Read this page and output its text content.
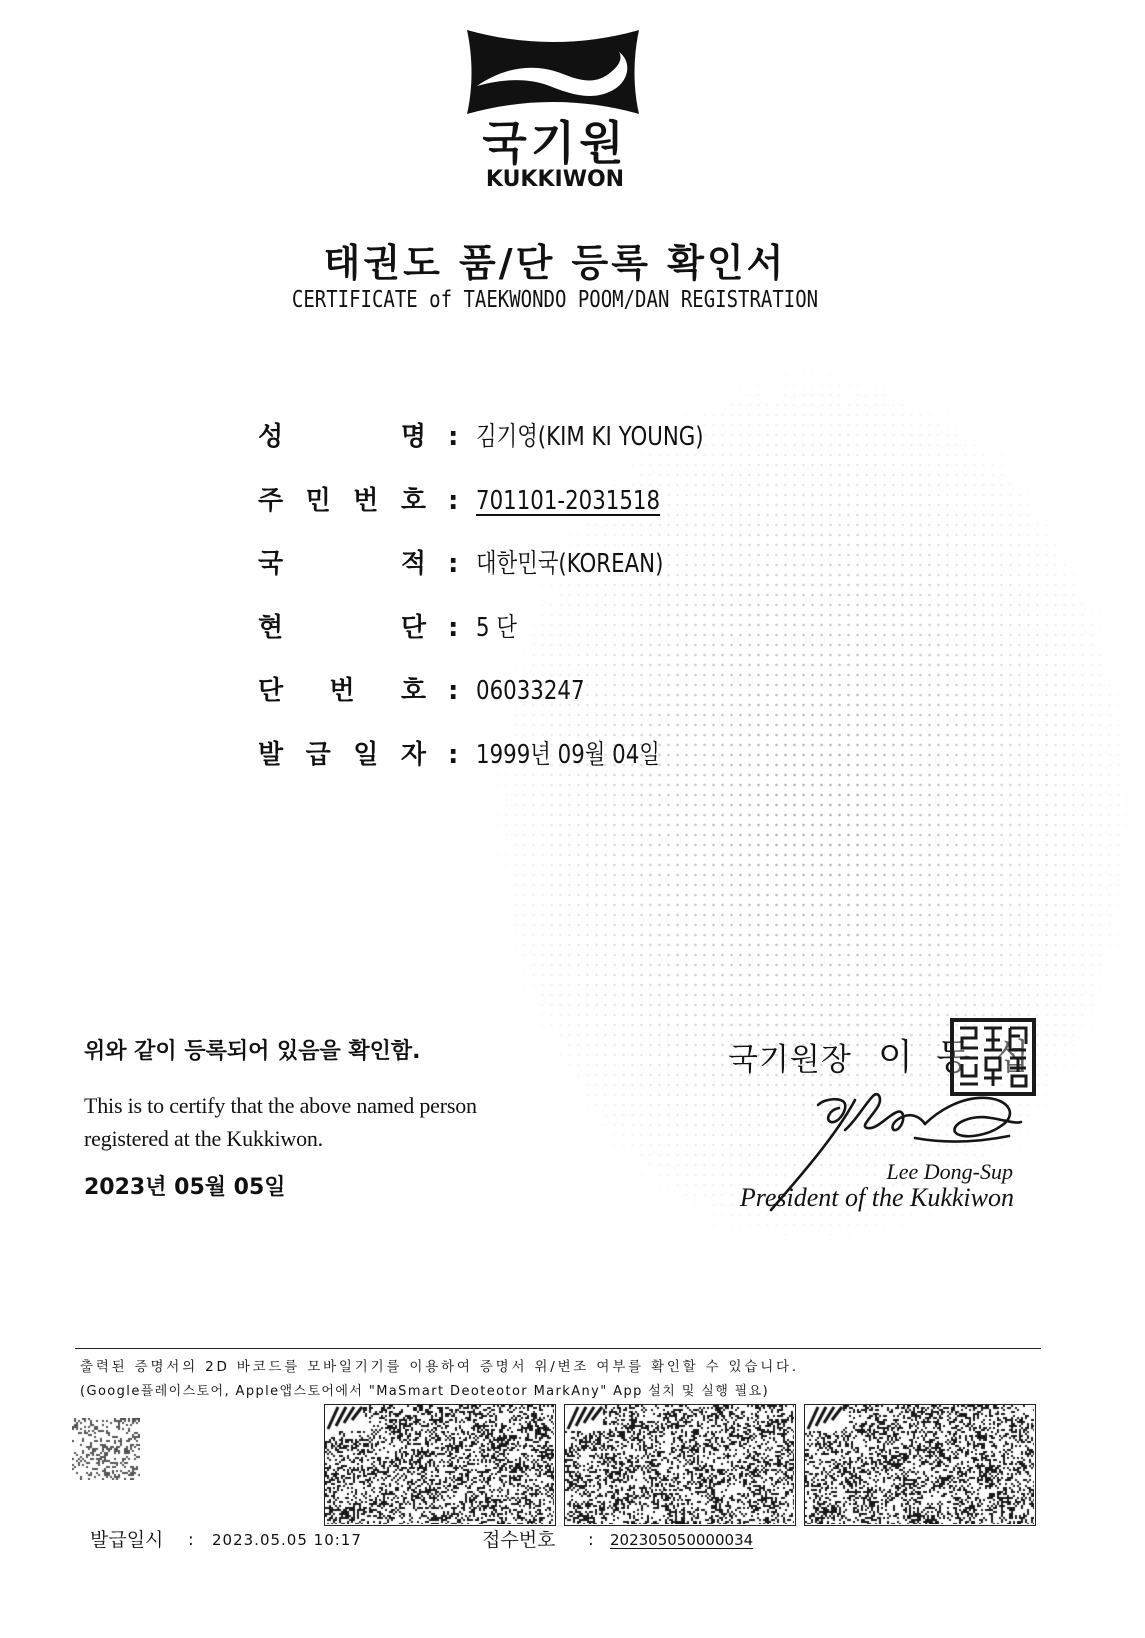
국기원
KUKKIWON
태권도 품/단 등록 확인서
CERTIFICATE of TAEKWONDO POOM/DAN REGISTRATION
성 명 : 김기영(KIM KI YOUNG)
주 민 번 호 : 701101-2031518
국 적 : 대한민국(KOREAN)
현 단 : 5 단
단 번 호 : 06033247
발 급 일 자 : 1999년 09월 04일
위와 같이 등록되어 있음을 확인함.
This is to certify that the above named person
registered at the Kukkiwon.
2023년 05월 05일
국기원장 이 동 섭
Lee Dong-Sup
President of the Kukkiwon
출력된 증명서의 2D 바코드를 모바일기기를 이용하여 증명서 위/변조 여부를 확인할 수 있습니다.
(Google플레이스토어, Apple앱스토어에서 "MaSmart Deoteotor MarkAny" App 설치 및 실행 필요)
발급일시 : 2023.05.05 10:17	접수번호 : 202305050000034
